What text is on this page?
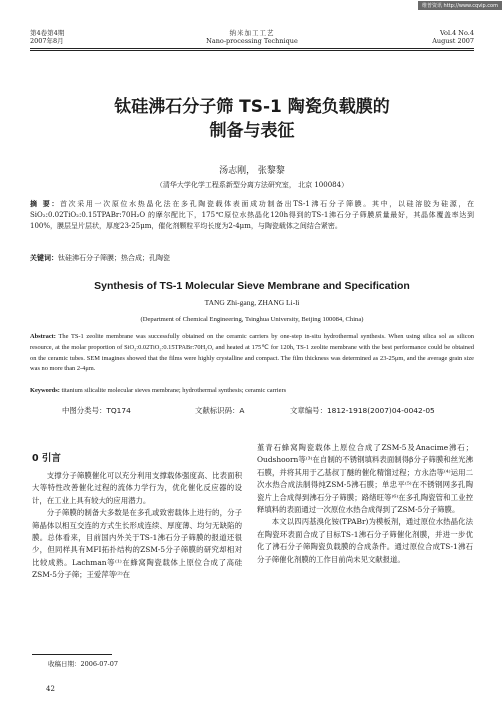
维普资讯 http://www.cqvip.com
第4卷第4期
2007年8月
纳米加工工艺
Nano-processing Technique
Vol.4 No.4
August 2007
钛硅沸石分子筛 TS-1 陶瓷负载膜的
制备与表征
汤志刚， 张黎黎
（清华大学化学工程系新型分离方法研究室， 北京 100084）
摘 要：首次采用一次原位水热晶化法在多孔陶瓷载体表面成功制备出TS-1沸石分子筛膜。其中，以硅溶胶为硅源，在 SiO₂:0.02TiO₂:0.15TPABr:70H₂O 的摩尔配比下，175℃原位水热晶化120h得到的TS-1沸石分子筛膜质量最好，其晶体覆盖率达到100%，膜层呈片层状，厚度23-25μm，催化剂颗粒平均长度为2-4μm，与陶瓷载体之间结合紧密。
关键词：钛硅沸石分子筛膜；热合成；孔陶瓷
Synthesis of TS-1 Molecular Sieve Membrane and Specification
TANG Zhi-gang, ZHANG Li-li
(Department of Chemical Engineering, Tsinghua University, Beijing 100084, China)
Abstract: The TS-1 zeolite membrane was successfully obtained on the ceramic carriers by one-step in-situ hydrothermal synthesis. When using silica sol as silicon resource, at the molar proportion of SiO₂:0.02TiO₂:0.15TPABr:70H₂O, and heated at 175℃ for 120h, TS-1 zeolite membrane with the best performance could be obtained on the ceramic tubes. SEM imagines showed that the films were highly crystalline and compact. The film thickness was determined as 23-25μm, and the average grain size was no more than 2-4μm.
Keywords: titanium silicalite molecular sieves membrane; hydrothermal synthesis; ceramic carriers
中图分类号：TQ174	文献标识码：A	文章编号：1812-1918(2007)04-0042-05
0 引言

支撑分子筛膜催化可以充分利用支撑载体强度高、比表面积大等特性改善催化过程的流体力学行为，优化催化反应器的设计，在工业上具有较大的应用潜力。

分子筛膜的制备大多数是在多孔或致密载体上进行的，分子筛晶体以相互交连的方式生长形成连续、厚度薄、均匀无缺陷的膜。总体看来，目前国内外关于TS-1沸石分子筛膜的报道还很少，但同样具有MFI拓扑结构的ZSM-5分子筛膜的研究却相对比较成熟。Lachman等⁽¹⁾在蜂窝陶瓷载体上原位合成了高硅ZSM-5分子筛；王爱萍等⁽²⁾在

收稿日期：2006-07-07
42

堇青石蜂窝陶瓷载体上原位合成了ZSM-5及Anacime沸石；Oudshoorn等⁽³⁾在自制的不锈钢填料表面制得β分子筛膜和丝光沸石膜，并将其用于乙基叔丁醚的催化精馏过程；方永浩等⁽⁴⁾运用二次水热合成法制得纯ZSM-5沸石膜；单忠平⁽⁵⁾在不锈钢网多孔陶瓷片上合成得到沸石分子筛膜；路绪旺等⁽⁶⁾在多孔陶瓷管和工业控释填料的表面通过一次原位水热合成得到了ZSM-5分子筛膜。

本文以四丙基溴化铵(TPABr)为模板剂，通过原位水热晶化法在陶瓷环表面合成了目标TS-1沸石分子筛催化剂膜，并进一步优化了沸石分子筛陶瓷负载膜的合成条件。通过原位合成TS-1沸石分子筛催化剂膜的工作目前尚未见文献报道。
